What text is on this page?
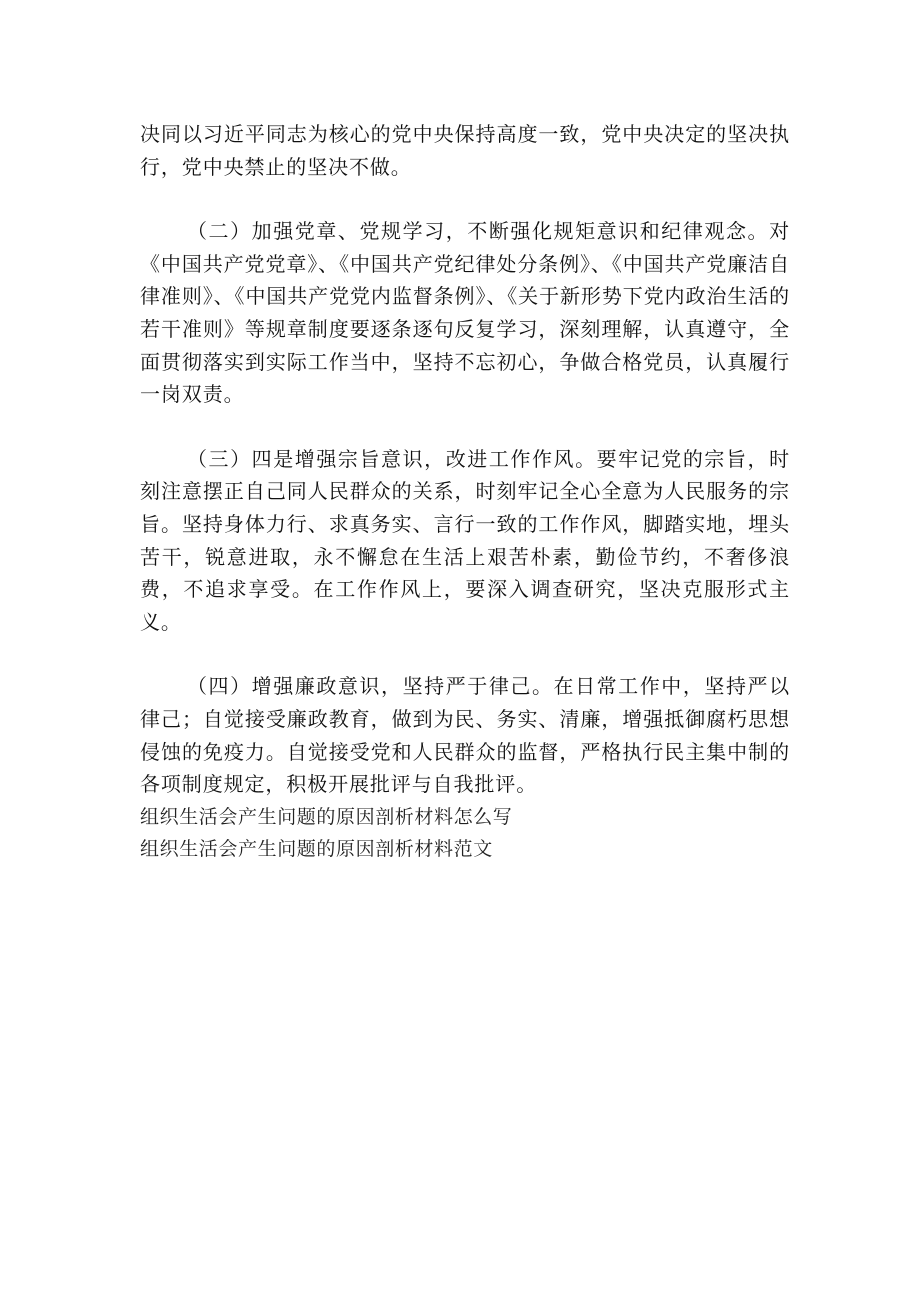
决同以习近平同志为核心的党中央保持高度一致，党中央决定的坚决执行，党中央禁止的坚决不做。

（二）加强党章、党规学习，不断强化规矩意识和纪律观念。对《中国共产党党章》、《中国共产党纪律处分条例》、《中国共产党廉洁自律准则》、《中国共产党党内监督条例》、《关于新形势下党内政治生活的若干准则》等规章制度要逐条逐句反复学习，深刻理解，认真遵守，全面贯彻落实到实际工作当中，坚持不忘初心，争做合格党员，认真履行一岗双责。

（三）四是增强宗旨意识，改进工作作风。要牢记党的宗旨，时刻注意摆正自己同人民群众的关系，时刻牢记全心全意为人民服务的宗旨。坚持身体力行、求真务实、言行一致的工作作风，脚踏实地，埋头苦干，锐意进取，永不懈怠在生活上艰苦朴素，勤俭节约，不奢侈浪费，不追求享受。在工作作风上，要深入调查研究，坚决克服形式主义。

（四）增强廉政意识，坚持严于律己。在日常工作中，坚持严以律己；自觉接受廉政教育，做到为民、务实、清廉，增强抵御腐朽思想侵蚀的免疫力。自觉接受党和人民群众的监督，严格执行民主集中制的各项制度规定，积极开展批评与自我批评。

组织生活会产生问题的原因剖析材料怎么写

组织生活会产生问题的原因剖析材料范文
